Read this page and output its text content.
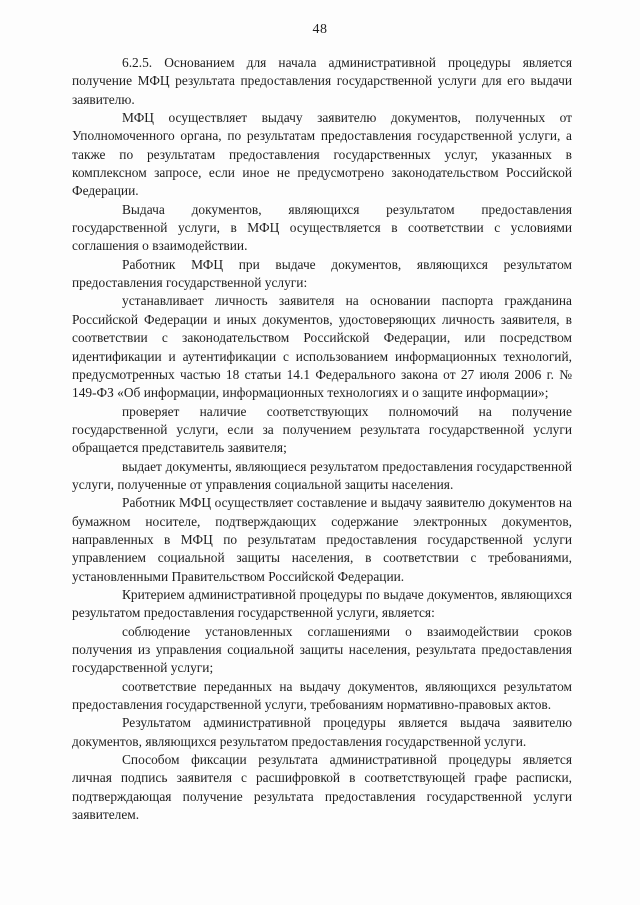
48

6.2.5. Основанием для начала административной процедуры является получение МФЦ результата предоставления государственной услуги для его выдачи заявителю.

МФЦ осуществляет выдачу заявителю документов, полученных от Уполномоченного органа, по результатам предоставления государственной услуги, а также по результатам предоставления государственных услуг, указанных в комплексном запросе, если иное не предусмотрено законодательством Российской Федерации.

Выдача документов, являющихся результатом предоставления государственной услуги, в МФЦ осуществляется в соответствии с условиями соглашения о взаимодействии.

Работник МФЦ при выдаче документов, являющихся результатом предоставления государственной услуги:

устанавливает личность заявителя на основании паспорта гражданина Российской Федерации и иных документов, удостоверяющих личность заявителя, в соответствии с законодательством Российской Федерации, или посредством идентификации и аутентификации с использованием информационных технологий, предусмотренных частью 18 статьи 14.1 Федерального закона от 27 июля 2006 г. № 149-ФЗ «Об информации, информационных технологиях и о защите информации»;

проверяет наличие соответствующих полномочий на получение государственной услуги, если за получением результата государственной услуги обращается представитель заявителя;

выдает документы, являющиеся результатом предоставления государственной услуги, полученные от управления социальной защиты населения.

Работник МФЦ осуществляет составление и выдачу заявителю документов на бумажном носителе, подтверждающих содержание электронных документов, направленных в МФЦ по результатам предоставления государственной услуги управлением социальной защиты населения, в соответствии с требованиями, установленными Правительством Российской Федерации.

Критерием административной процедуры по выдаче документов, являющихся результатом предоставления государственной услуги, является:

соблюдение установленных соглашениями о взаимодействии сроков получения из управления социальной защиты населения, результата предоставления государственной услуги;

соответствие переданных на выдачу документов, являющихся результатом предоставления государственной услуги, требованиям нормативно-правовых актов.

Результатом административной процедуры является выдача заявителю документов, являющихся результатом предоставления государственной услуги.

Способом фиксации результата административной процедуры является личная подпись заявителя с расшифровкой в соответствующей графе расписки, подтверждающая получение результата предоставления государственной услуги заявителем.
